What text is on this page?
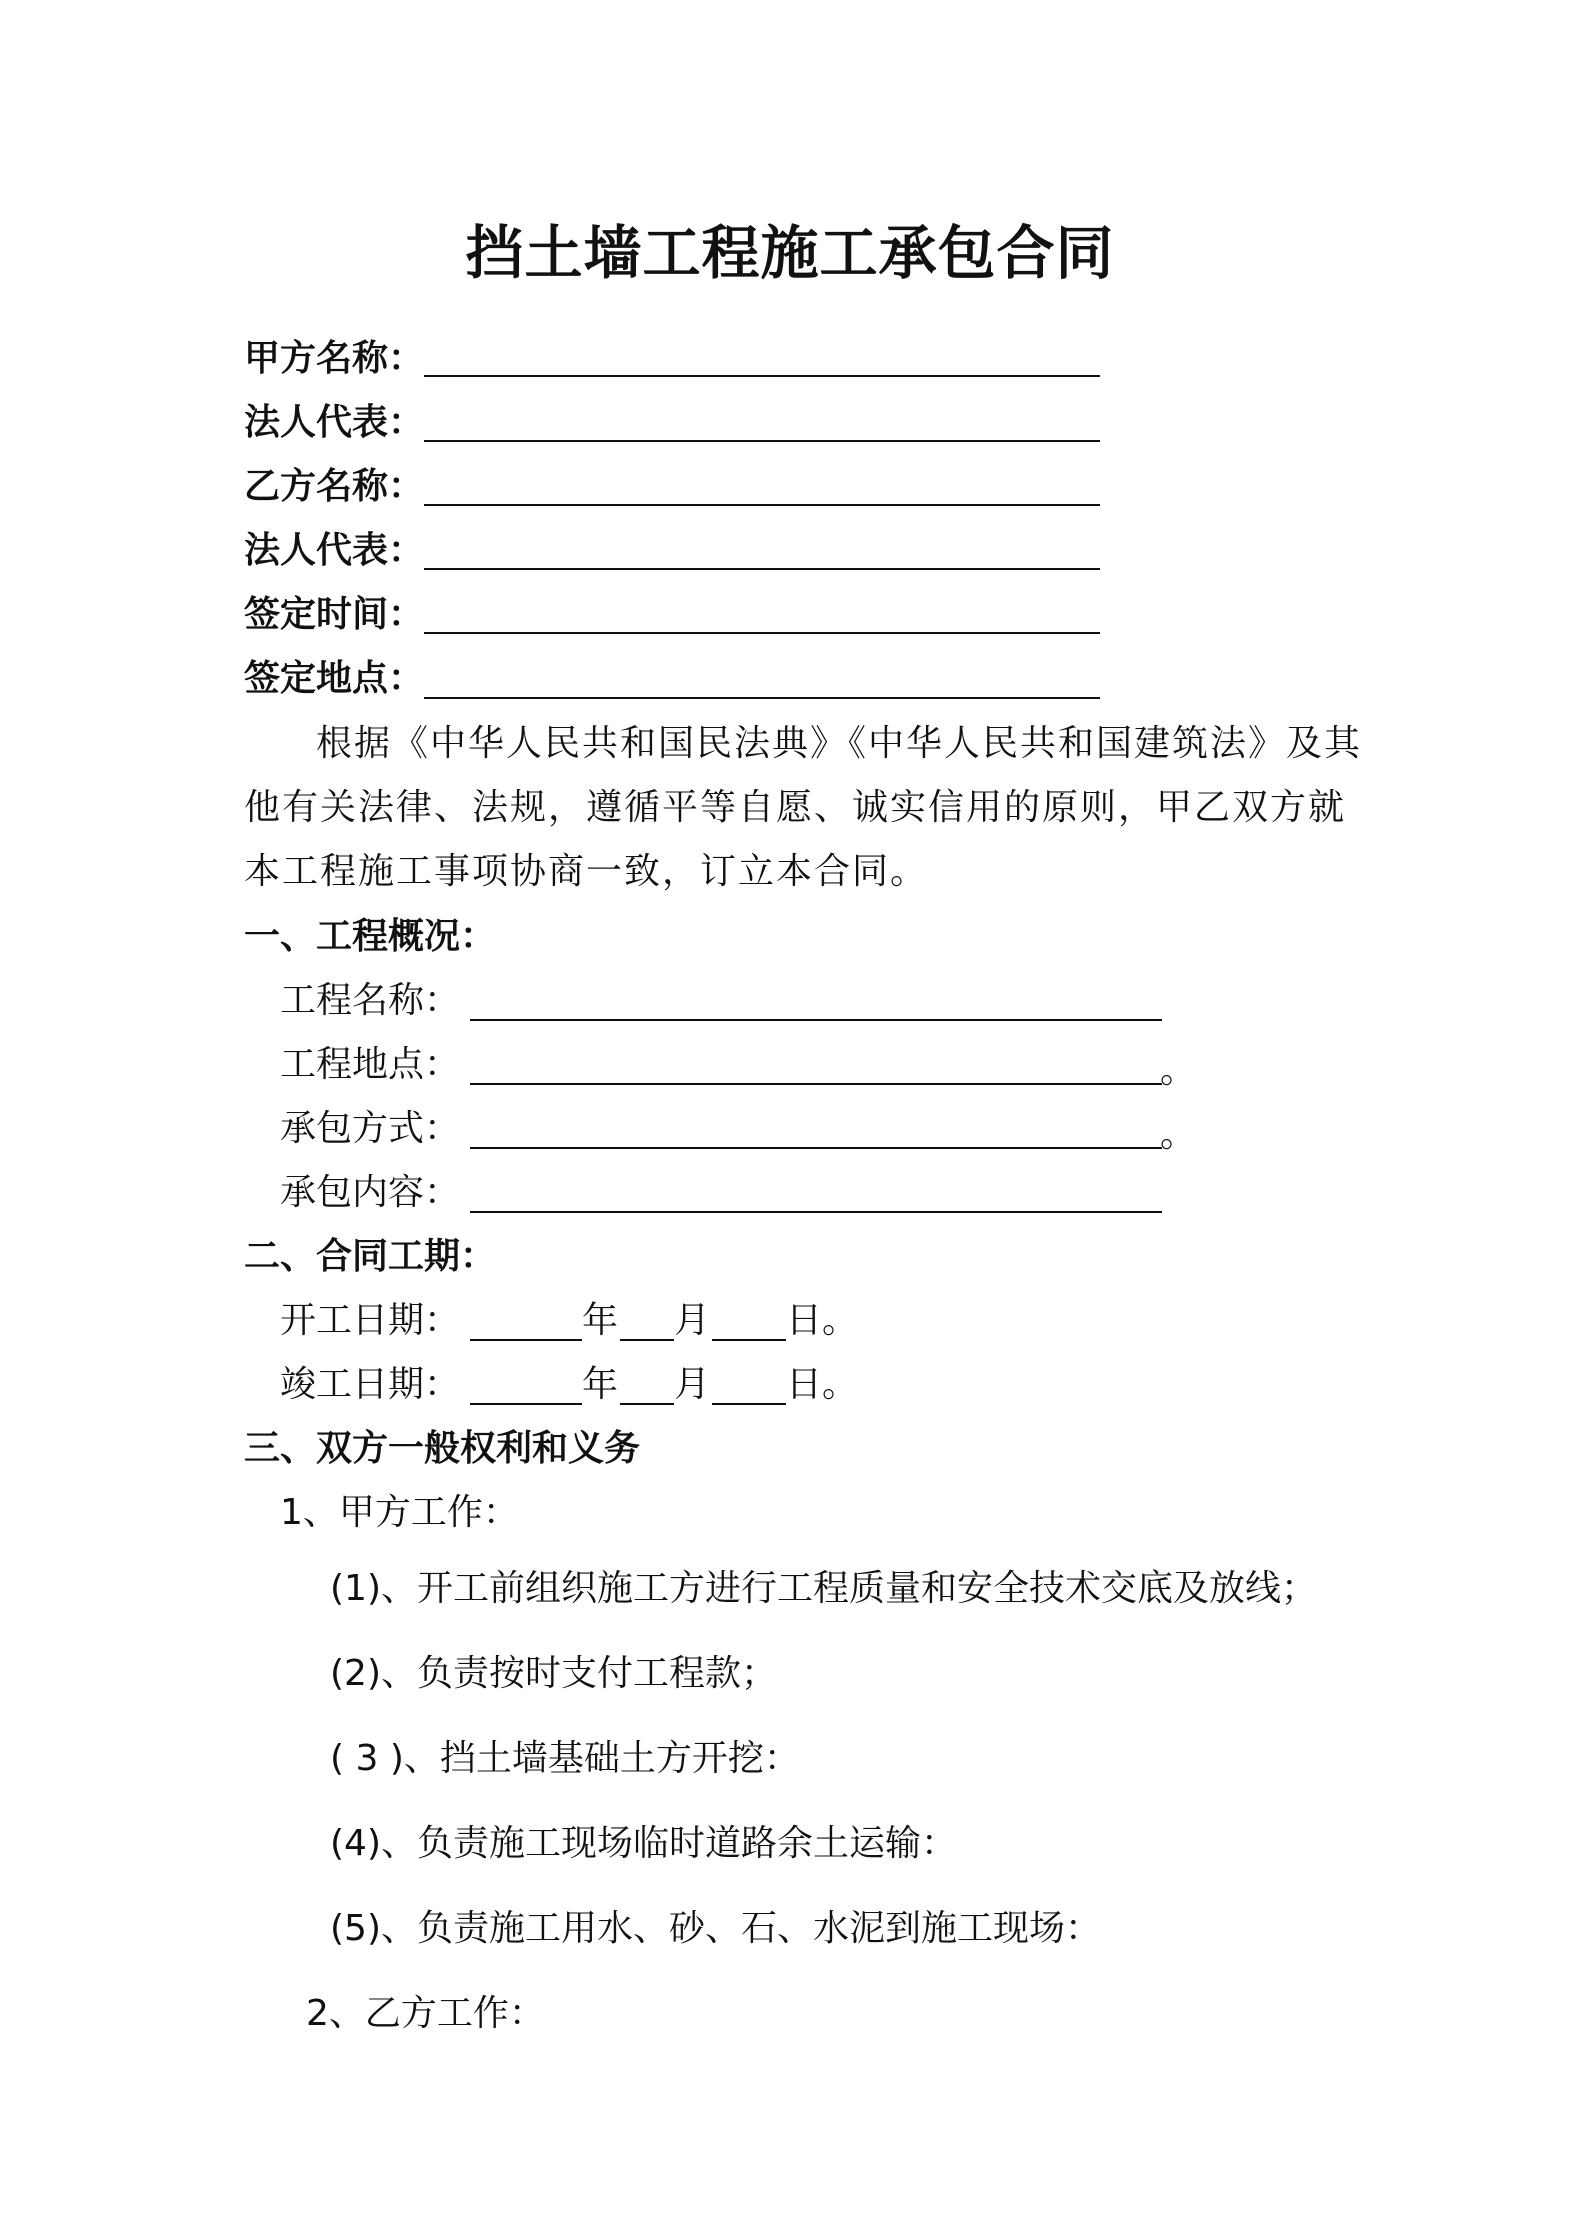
挡土墙工程施工承包合同
甲方名称：
法人代表：
乙方名称：
法人代表：
签定时间：
签定地点：
根据《中华人民共和国民法典》《中华人民共和国建筑法》及其
他有关法律、法规，遵循平等自愿、诚实信用的原则，甲乙双方就
本工程施工事项协商一致，订立本合同。
一、工程概况：
工程名称：
工程地点：	。
承包方式：	。
承包内容：
二、合同工期：
开工日期：	年 月 日。
竣工日期：	年 月 日。
三、双方一般权利和义务
1、甲方工作：
(1)、开工前组织施工方进行工程质量和安全技术交底及放线；
(2)、负责按时支付工程款；
( 3 )、挡土墙基础土方开挖：
(4)、负责施工现场临时道路余土运输：
(5)、负责施工用水、砂、石、水泥到施工现场：
2、乙方工作：
